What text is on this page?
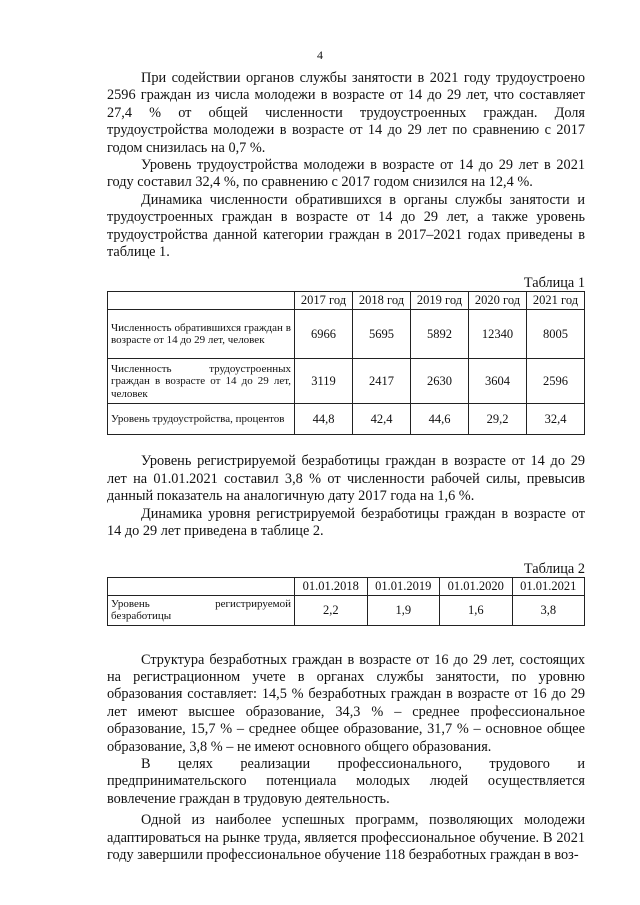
4

При содействии органов службы занятости в 2021 году трудоустроено 2596 граждан из числа молодежи в возрасте от 14 до 29 лет, что составляет 27,4 % от общей численности трудоустроенных граждан. Доля трудоустройства молодежи в возрасте от 14 до 29 лет по сравнению с 2017 годом снизилась на 0,7 %.

Уровень трудоустройства молодежи в возрасте от 14 до 29 лет в 2021 году составил 32,4 %, по сравнению с 2017 годом снизился на 12,4 %.

Динамика численности обратившихся в органы службы занятости и трудоустроенных граждан в возрасте от 14 до 29 лет, а также уровень трудоустройства данной категории граждан в 2017–2021 годах приведены в таблице 1.

Таблица 1
	2017 год	2018 год	2019 год	2020 год	2021 год
Численность обратившихся граждан в возрасте от 14 до 29 лет, человек	6966	5695	5892	12340	8005
Численность трудоустроенных граждан в возрасте от 14 до 29 лет, человек	3119	2417	2630	3604	2596
Уровень трудоустройства, процентов	44,8	42,4	44,6	29,2	32,4

Уровень регистрируемой безработицы граждан в возрасте от 14 до 29 лет на 01.01.2021 составил 3,8 % от численности рабочей силы, превысив данный показатель на аналогичную дату 2017 года на 1,6 %.

Динамика уровня регистрируемой безработицы граждан в возрасте от 14 до 29 лет приведена в таблице 2.

Таблица 2
	01.01.2018	01.01.2019	01.01.2020	01.01.2021
Уровень регистрируемой безработицы	2,2	1,9	1,6	3,8

Структура безработных граждан в возрасте от 16 до 29 лет, состоящих на регистрационном учете в органах службы занятости, по уровню образования составляет: 14,5 % безработных граждан в возрасте от 16 до 29 лет имеют высшее образование, 34,3 % – среднее профессиональное образование, 15,7 % – среднее общее образование, 31,7 % – основное общее образование, 3,8 % – не имеют основного общего образования.

В целях реализации профессионального, трудового и предпринимательского потенциала молодых людей осуществляется вовлечение граждан в трудовую деятельность.

Одной из наиболее успешных программ, позволяющих молодежи адаптироваться на рынке труда, является профессиональное обучение. В 2021 году завершили профессиональное обучение 118 безработных граждан в воз-
